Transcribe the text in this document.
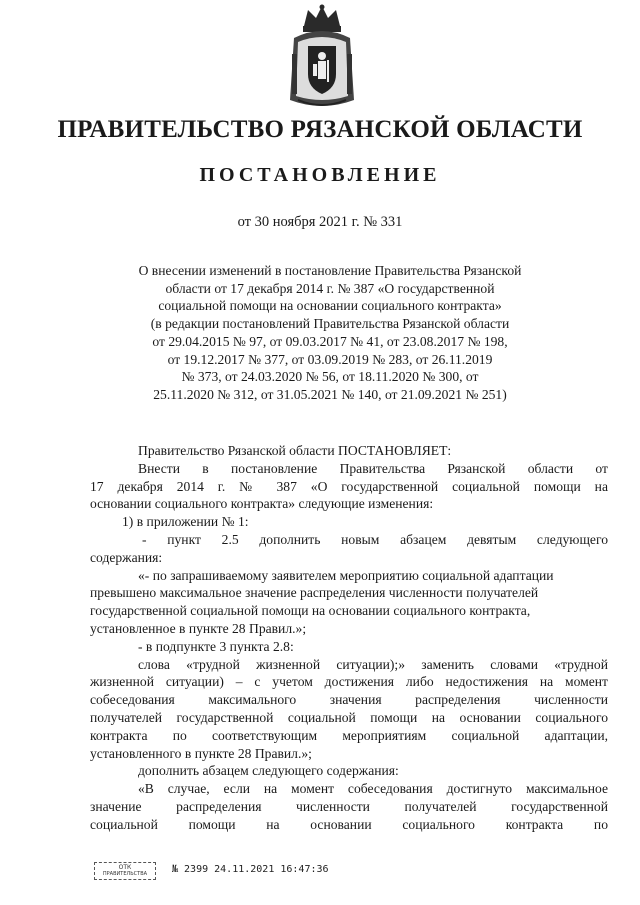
ПРАВИТЕЛЬСТВО РЯЗАНСКОЙ ОБЛАСТИ
ПОСТАНОВЛЕНИЕ
от 30 ноября 2021 г. № 331
О внесении изменений в постановление Правительства Рязанской
области от 17 декабря 2014 г. № 387 «О государственной
социальной помощи на основании социального контракта»
(в редакции постановлений Правительства Рязанской области
от 29.04.2015 № 97, от 09.03.2017 № 41, от 23.08.2017 № 198,
от 19.12.2017 № 377, от 03.09.2019 № 283, от 26.11.2019
№ 373, от 24.03.2020 № 56, от 18.11.2020 № 300, от
25.11.2020 № 312, от 31.05.2021 № 140, от 21.09.2021 № 251)
Правительство Рязанской области ПОСТАНОВЛЯЕТ:
Внести в постановление Правительства Рязанской области от
17 декабря 2014 г. № 387 «О государственной социальной помощи на
основании социального контракта» следующие изменения:
1) в приложении № 1:
- пункт 2.5 дополнить новым абзацем девятым следующего
содержания:
«- по запрашиваемому заявителем мероприятию социальной адаптации
превышено максимальное значение распределения численности получателей
государственной социальной помощи на основании социального контракта,
установленное в пункте 28 Правил.»;
- в подпункте 3 пункта 2.8:
слова «трудной жизненной ситуации);» заменить словами «трудной
жизненной ситуации) – с учетом достижения либо недостижения на момент
собеседования максимального значения распределения численности
получателей государственной социальной помощи на основании социального
контракта по соответствующим мероприятиям социальной адаптации,
установленного в пункте 28 Правил.»;
дополнить абзацем следующего содержания:
«В случае, если на момент собеседования достигнуто максимальное
значение распределения численности получателей государственной
социальной помощи на основании социального контракта по
ОТК
ПРАВИТЕЛЬСТВА	№ 2399 24.11.2021 16:47:36
